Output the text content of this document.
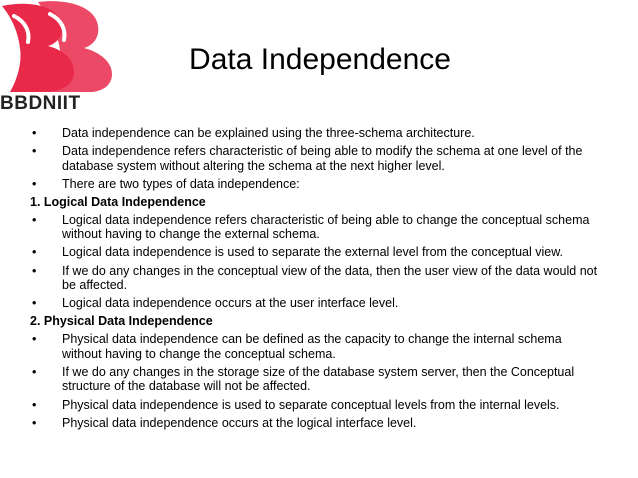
BBDNIIT
Data Independence
•	Data independence can be explained using the three-schema architecture.
•	Data independence refers characteristic of being able to modify the schema at one level of the database system without altering the schema at the next higher level.
•	There are two types of data independence:
1. Logical Data Independence
•	Logical data independence refers characteristic of being able to change the conceptual schema without having to change the external schema.
•	Logical data independence is used to separate the external level from the conceptual view.
•	If we do any changes in the conceptual view of the data, then the user view of the data would not be affected.
•	Logical data independence occurs at the user interface level.
2. Physical Data Independence
•	Physical data independence can be defined as the capacity to change the internal schema without having to change the conceptual schema.
•	If we do any changes in the storage size of the database system server, then the Conceptual structure of the database will not be affected.
•	Physical data independence is used to separate conceptual levels from the internal levels.
•	Physical data independence occurs at the logical interface level.
